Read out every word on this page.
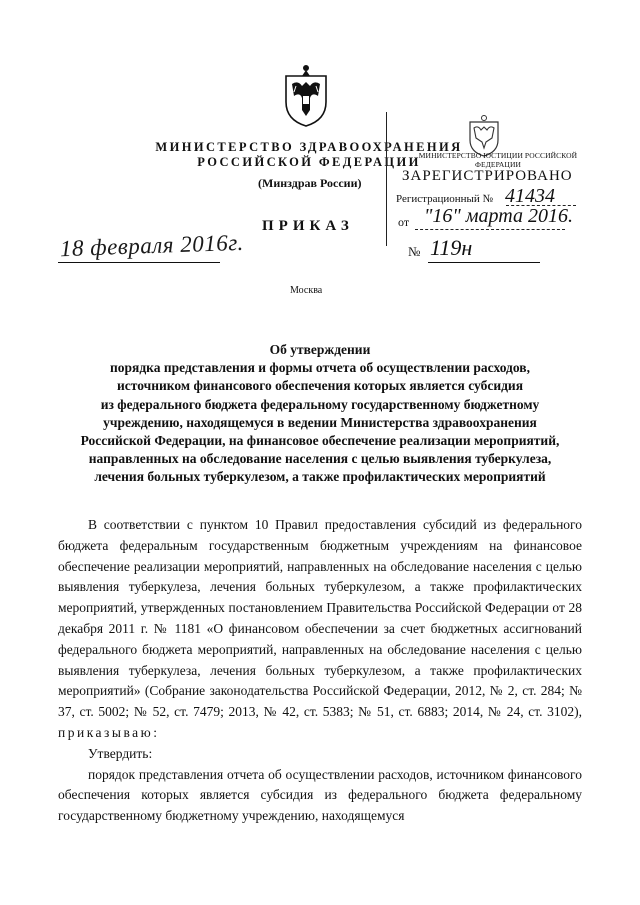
МИНИСТЕРСТВО ЗДРАВООХРАНЕНИЯ
РОССИЙСКОЙ ФЕДЕРАЦИИ
(Минздрав России)
ПРИКАЗ
18 февраля 2016г.	№ 119н
Москва
МИНИСТЕРСТВО ЮСТИЦИИ РОССИЙСКОЙ ФЕДЕРАЦИИ
ЗАРЕГИСТРИРОВАНО
Регистрационный № 41434
от "16" марта 2016.
Об утверждении
порядка представления и формы отчета об осуществлении расходов,
источником финансового обеспечения которых является субсидия
из федерального бюджета федеральному государственному бюджетному
учреждению, находящемуся в ведении Министерства здравоохранения
Российской Федерации, на финансовое обеспечение реализации мероприятий,
направленных на обследование населения с целью выявления туберкулеза,
лечения больных туберкулезом, а также профилактических мероприятий

В соответствии с пунктом 10 Правил предоставления субсидий из федерального бюджета федеральным государственным бюджетным учреждениям на финансовое обеспечение реализации мероприятий, направленных на обследование населения с целью выявления туберкулеза, лечения больных туберкулезом, а также профилактических мероприятий, утвержденных постановлением Правительства Российской Федерации от 28 декабря 2011 г. № 1181 «О финансовом обеспечении за счет бюджетных ассигнований федерального бюджета мероприятий, направленных на обследование населения с целью выявления туберкулеза, лечения больных туберкулезом, а также профилактических мероприятий» (Собрание законодательства Российской Федерации, 2012, № 2, ст. 284; № 37, ст. 5002; № 52, ст. 7479; 2013, № 42, ст. 5383; № 51, ст. 6883; 2014, № 24, ст. 3102), приказываю:

Утвердить:

порядок представления отчета об осуществлении расходов, источником финансового обеспечения которых является субсидия из федерального бюджета федеральному государственному бюджетному учреждению, находящемуся
